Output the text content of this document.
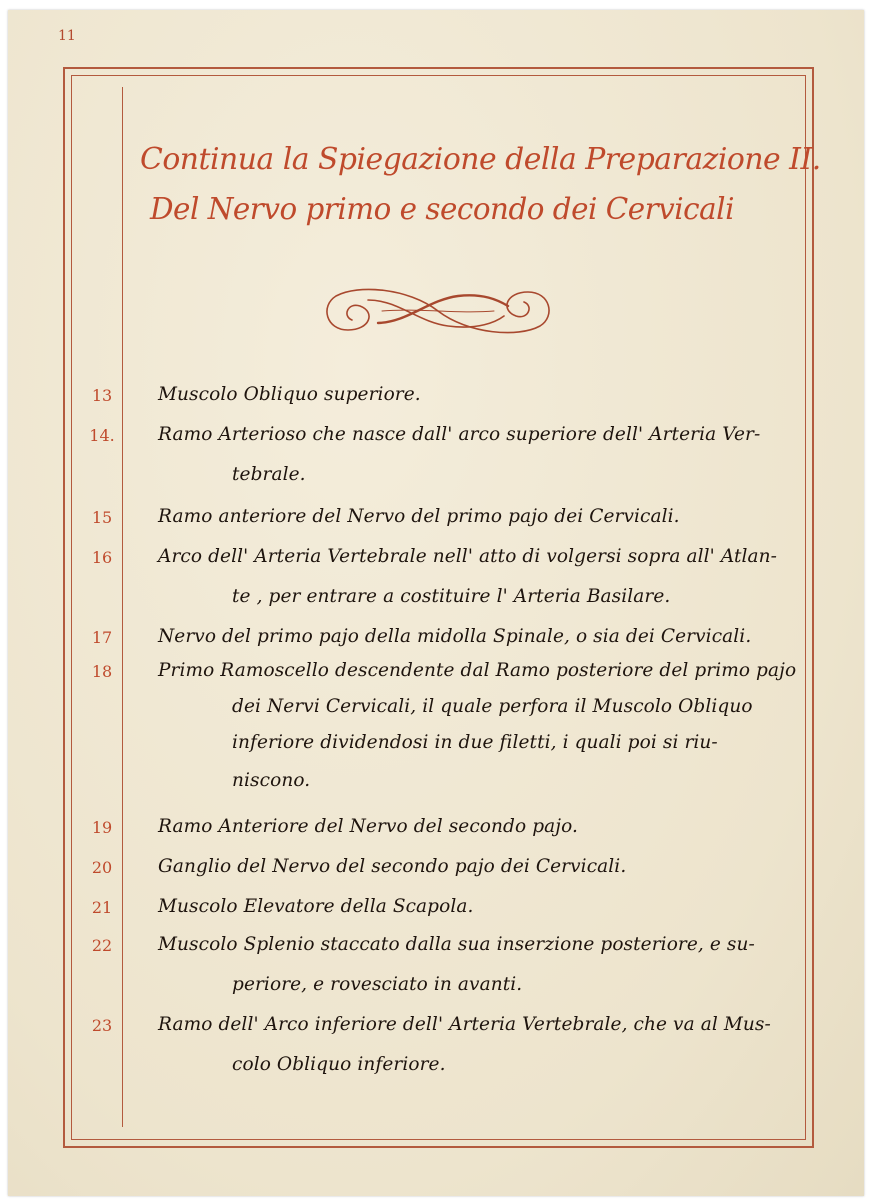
11
Continua la Spiegazione della Preparazione II.
Del Nervo primo e secondo dei Cervicali
13	Muscolo Obliquo superiore.
14.	Ramo Arterioso che nasce dall' arco superiore dell' Arteria Ver-
tebrale.
15	Ramo anteriore del Nervo del primo pajo dei Cervicali.
16	Arco dell' Arteria Vertebrale nell' atto di volgersi sopra all' Atlan-
te , per entrare a costituire l' Arteria Basilare.
17	Nervo del primo pajo della midolla Spinale, o sia dei Cervicali.
18	Primo Ramoscello descendente dal Ramo posteriore del primo pajo
dei Nervi Cervicali, il quale perfora il Muscolo Obliquo
inferiore dividendosi in due filetti, i quali poi si riu-
niscono.
19	Ramo Anteriore del Nervo del secondo pajo.
20	Ganglio del Nervo del secondo pajo dei Cervicali.
21	Muscolo Elevatore della Scapola.
22	Muscolo Splenio staccato dalla sua inserzione posteriore, e su-
periore, e rovesciato in avanti.
23	Ramo dell' Arco inferiore dell' Arteria Vertebrale, che va al Mus-
colo Obliquo inferiore.
